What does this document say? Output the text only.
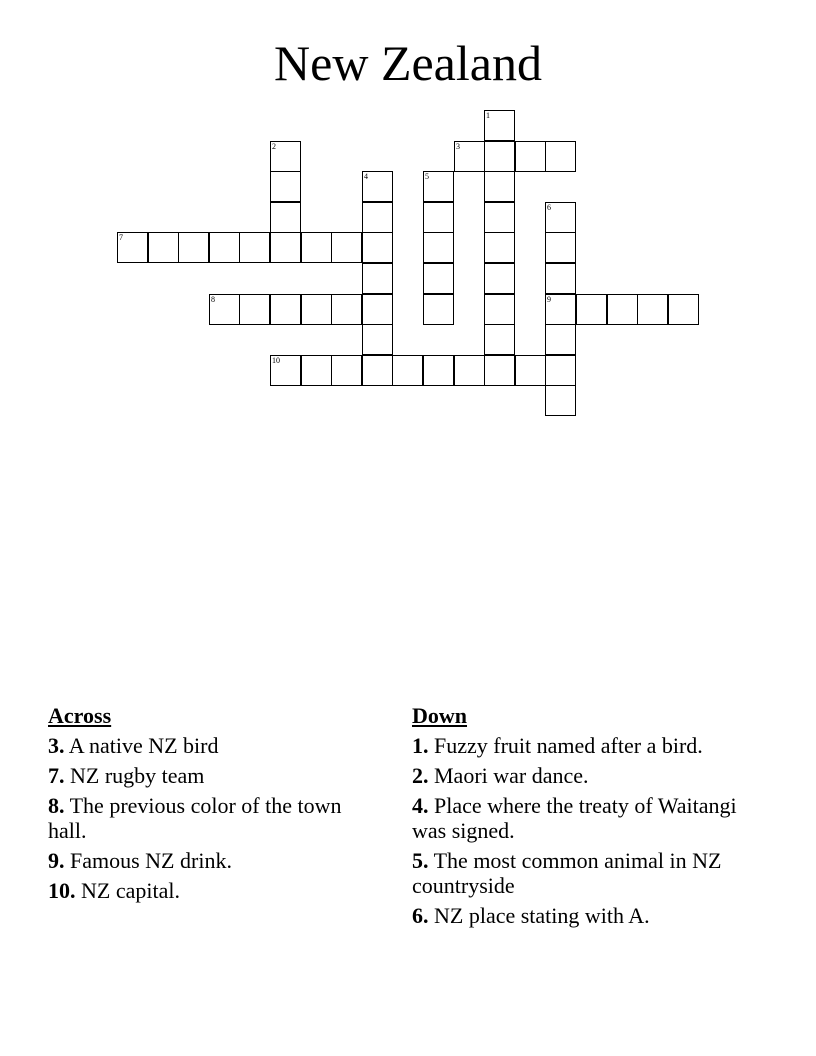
New Zealand
1
2	3
4	5
6
7
8	9
10
Across
3. A native NZ bird
7. NZ rugby team
8. The previous color of the town hall.
9. Famous NZ drink.
10. NZ capital.
Down
1. Fuzzy fruit named after a bird.
2. Maori war dance.
4. Place where the treaty of Waitangi was signed.
5. The most common animal in NZ countryside
6. NZ place stating with A.
